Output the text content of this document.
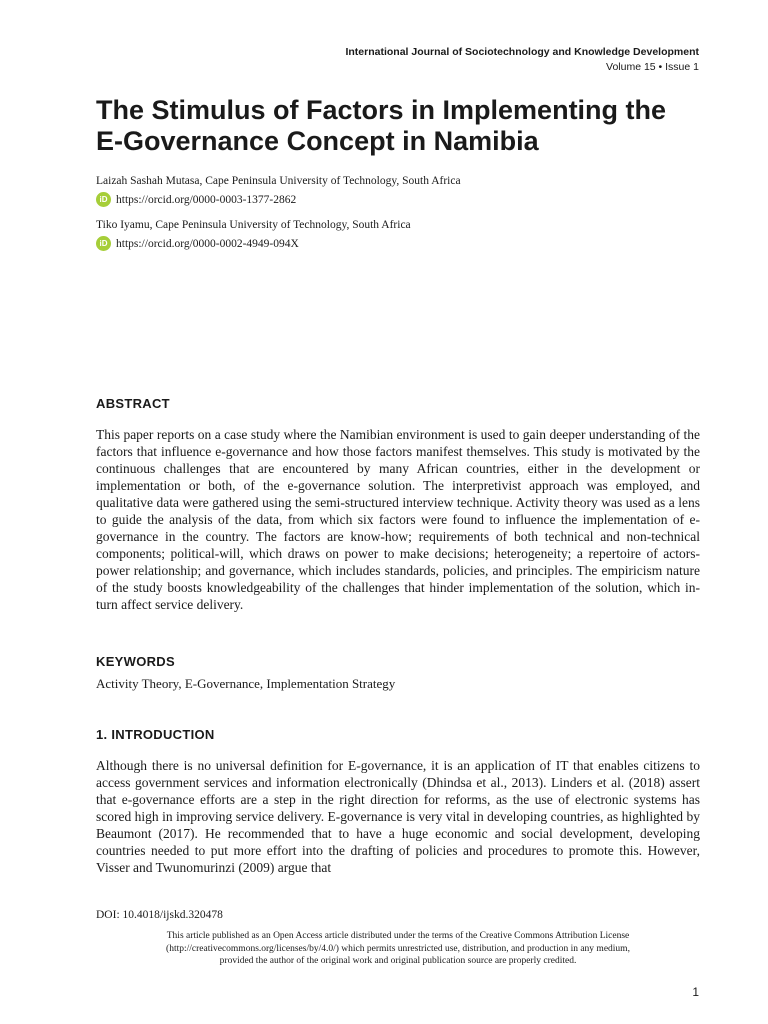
International Journal of Sociotechnology and Knowledge Development
Volume 15 • Issue 1
The Stimulus of Factors in Implementing the E-Governance Concept in Namibia
Laizah Sashah Mutasa, Cape Peninsula University of Technology, South Africa
iD https://orcid.org/0000-0003-1377-2862
Tiko Iyamu, Cape Peninsula University of Technology, South Africa
iD https://orcid.org/0000-0002-4949-094X
ABSTRACT

This paper reports on a case study where the Namibian environment is used to gain deeper understanding of the factors that influence e-governance and how those factors manifest themselves. This study is motivated by the continuous challenges that are encountered by many African countries, either in the development or implementation or both, of the e-governance solution. The interpretivist approach was employed, and qualitative data were gathered using the semi-structured interview technique. Activity theory was used as a lens to guide the analysis of the data, from which six factors were found to influence the implementation of e-governance in the country. The factors are know-how; requirements of both technical and non-technical components; political-will, which draws on power to make decisions; heterogeneity; a repertoire of actors-power relationship; and governance, which includes standards, policies, and principles. The empiricism nature of the study boosts knowledgeability of the challenges that hinder implementation of the solution, which in-turn affect service delivery.

KEYWORDS

Activity Theory, E-Governance, Implementation Strategy

1. INTRODUCTION

Although there is no universal definition for E-governance, it is an application of IT that enables citizens to access government services and information electronically (Dhindsa et al., 2013). Linders et al. (2018) assert that e-governance efforts are a step in the right direction for reforms, as the use of electronic systems has scored high in improving service delivery. E-governance is very vital in developing countries, as highlighted by Beaumont (2017). He recommended that to have a huge economic and social development, developing countries needed to put more effort into the drafting of policies and procedures to promote this. However, Visser and Twunomurinzi (2009) argue that

DOI: 10.4018/ijskd.320478
This article published as an Open Access article distributed under the terms of the Creative Commons Attribution License
(http://creativecommons.org/licenses/by/4.0/) which permits unrestricted use, distribution, and production in any medium,
provided the author of the original work and original publication source are properly credited.
1
